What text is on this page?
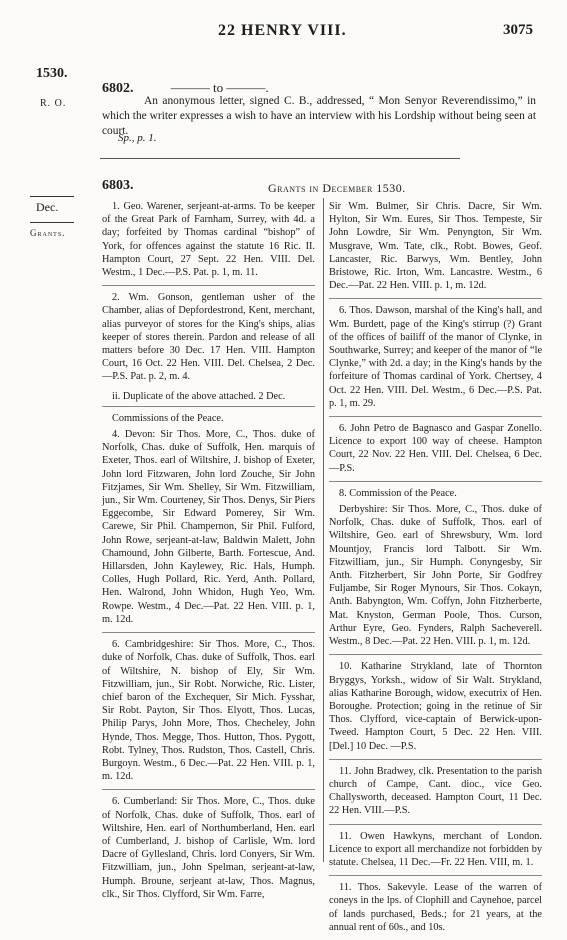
22 HENRY VIII.	3075
1530.
R. O.
6802.	——— to ———.
An anonymous letter, signed C. B., addressed, “ Mon Senyor Reverendissimo,” in which the writer expresses a wish to have an interview with his Lordship without being seen at court.
Sp., p. 1.
6803.	Grants in December 1530.
Dec.
Grants.

1. Geo. Warener, serjeant-at-arms. To be keeper of the Great Park of Farnham, Surrey, with 4d. a day; forfeited by Thomas cardinal “bishop” of York, for offences against the statute 16 Ric. II. Hampton Court, 27 Sept. 22 Hen. VIII. Del. Westm., 1 Dec.—P.S. Pat. p. 1, m. 11.

2. Wm. Gonson, gentleman usher of the Chamber, alias of Depfordestrond, Kent, merchant, alias purveyor of stores for the King's ships, alias keeper of stores therein. Pardon and release of all matters before 30 Dec. 17 Hen. VIII. Hampton Court, 16 Oct. 22 Hen. VIII. Del. Chelsea, 2 Dec. —P.S. Pat. p. 2, m. 4.

ii. Duplicate of the above attached. 2 Dec.
Commissions of the Peace.

4. Devon: Sir Thos. More, C., Thos. duke of Norfolk, Chas. duke of Suffolk, Hen. marquis of Exeter, Thos. earl of Wiltshire, J. bishop of Exeter, John lord Fitzwaren, John lord Zouche, Sir John Fitzjames, Sir Wm. Shelley, Sir Wm. Fitzwilliam, jun., Sir Wm. Courteney, Sir Thos. Denys, Sir Piers Eggecombe, Sir Edward Pomerey, Sir Wm. Carewe, Sir Phil. Champernon, Sir Phil. Fulford, John Rowe, serjeant-at-law, Baldwin Malett, John Chamound, John Gilberte, Barth. Fortescue, And. Hillarsden, John Kaylewey, Ric. Hals, Humph. Colles, Hugh Pollard, Ric. Yerd, Anth. Pollard, Hen. Walrond, John Whidon, Hugh Yeo, Wm. Rowpe. Westm., 4 Dec.—Pat. 22 Hen. VIII. p. 1, m. 12d.

6. Cambridgeshire: Sir Thos. More, C., Thos. duke of Norfolk, Chas. duke of Suffolk, Thos. earl of Wiltshire, N. bishop of Ely, Sir Wm. Fitzwilliam, jun., Sir Robt. Norwiche, Ric. Lister, chief baron of the Exchequer, Sir Mich. Fysshar, Sir Robt. Payton, Sir Thos. Elyott, Thos. Lucas, Philip Parys, John More, Thos. Checheley, John Hynde, Thos. Megge, Thos. Hutton, Thos. Pygott, Robt. Tylney, Thos. Rudston, Thos. Castell, Chris. Burgoyn. Westm., 6 Dec.—Pat. 22 Hen. VIII. p. 1, m. 12d.

6. Cumberland: Sir Thos. More, C., Thos. duke of Norfolk, Chas. duke of Suffolk, Thos. earl of Wiltshire, Hen. earl of Northumberland, Hen. earl of Cumberland, J. bishop of Carlisle, Wm. lord Dacre of Gyllesland, Chris. lord Conyers, Sir Wm. Fitzwilliam, jun., John Spelman, serjeant-at-law, Humph. Broune, serjeant at-law, Thos. Magnus, clk., Sir Thos. Clyfford, Sir Wm. Farre,

Sir Wm. Bulmer, Sir Chris. Dacre, Sir Wm. Hylton, Sir Wm. Eures, Sir Thos. Tempeste, Sir John Lowdre, Sir Wm. Penyngton, Sir Wm. Musgrave, Wm. Tate, clk., Robt. Bowes, Geof. Lancaster, Ric. Barwys, Wm. Bentley, John Bristowe, Ric. Irton, Wm. Lancastre. Westm., 6 Dec.—Pat. 22 Hen. VIII. p. 1, m. 12d.

6. Thos. Dawson, marshal of the King's hall, and Wm. Burdett, page of the King's stirrup (?) Grant of the offices of bailiff of the manor of Clynke, in Southwarke, Surrey; and keeper of the manor of “le Clynke,” with 2d. a day; in the King's hands by the forfeiture of Thomas cardinal of York. Chertsey, 4 Oct. 22 Hen. VIII. Del. Westm., 6 Dec.—P.S. Pat. p. 1, m. 29.

6. John Petro de Bagnasco and Gaspar Zonello. Licence to export 100 way of cheese. Hampton Court, 22 Nov. 22 Hen. VIII. Del. Chelsea, 6 Dec.—P.S.

8. Commission of the Peace.

Derbyshire: Sir Thos. More, C., Thos. duke of Norfolk, Chas. duke of Suffolk, Thos. earl of Wiltshire, Geo. earl of Shrewsbury, Wm. lord Mountjoy, Francis lord Talbott. Sir Wm. Fitzwilliam, jun., Sir Humph. Conyngesby, Sir Anth. Fitzherbert, Sir John Porte, Sir Godfrey Fuljambe, Sir Roger Mynours, Sir Thos. Cokayn, Anth. Babyngton, Wm. Coffyn, John Fitzherberte, Mat. Knyston, German Poole, Thos. Curson, Arthur Eyre, Geo. Fynders, Ralph Sacheverell. Westm., 8 Dec.—Pat. 22 Hen. VIII. p. 1, m. 12d.

10. Katharine Strykland, late of Thornton Bryggys, Yorksh., widow of Sir Walt. Strykland, alias Katharine Borough, widow, executrix of Hen. Boroughe. Protection; going in the retinue of Sir Thos. Clyfford, vice-captain of Berwick-upon-Tweed. Hampton Court, 5 Dec. 22 Hen. VIII. [Del.] 10 Dec. —P.S.

11. John Bradwey, clk. Presentation to the parish church of Campe, Cant. dioc., vice Geo. Challysworth, deceased. Hampton Court, 11 Dec. 22 Hen. VIII.—P.S.

11. Owen Hawkyns, merchant of London. Licence to export all merchandize not forbidden by statute. Chelsea, 11 Dec.—Fr. 22 Hen. VIII, m. 1.

11. Thos. Sakevyle. Lease of the warren of coneys in the lps. of Clophill and Caynehoe, parcel of lands purchased, Beds.; for 21 years, at the annual rent of 60s., and 10s.
